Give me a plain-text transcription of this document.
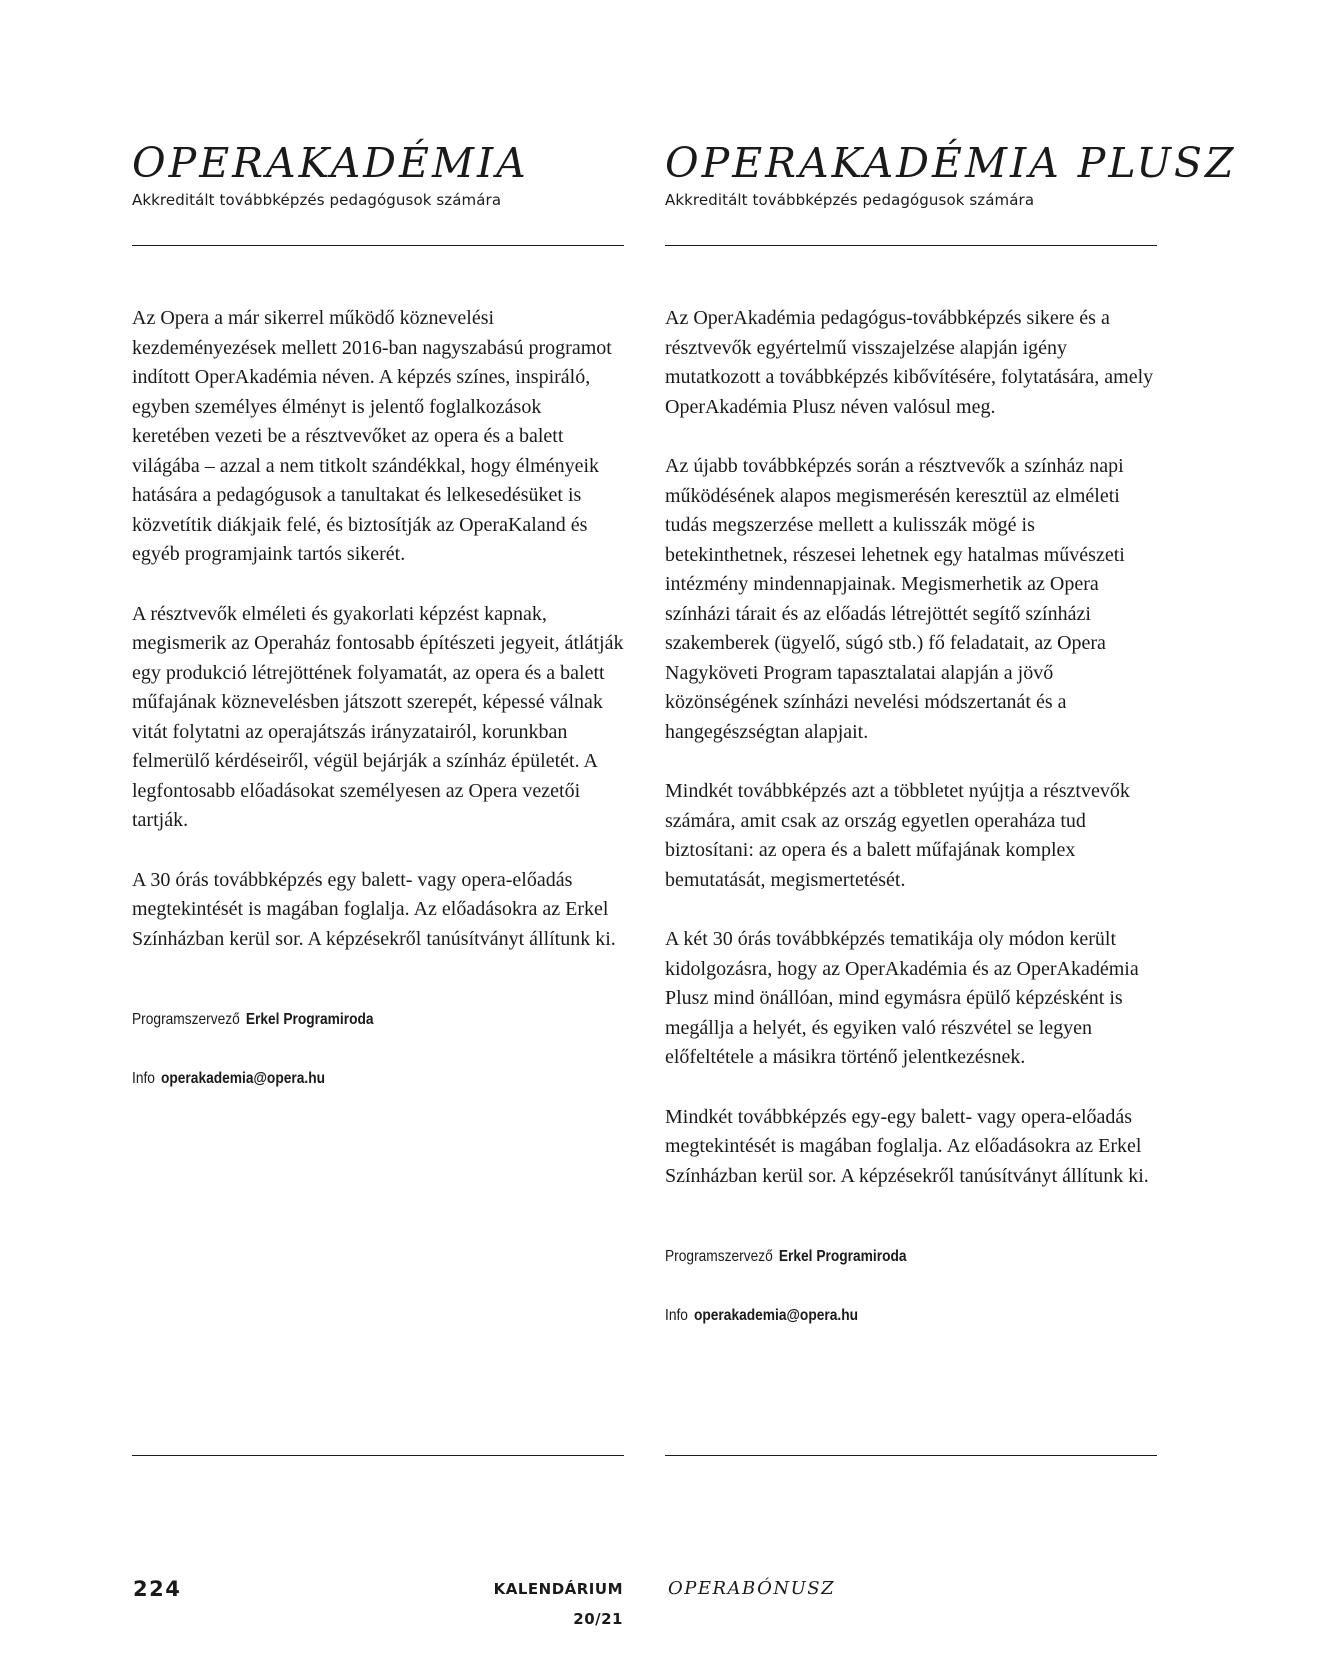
OPERAKADÉMIA

Akkreditált továbbképzés pedagógusok számára

Az Opera a már sikerrel működő köznevelési kezdeményezések mellett 2016-ban nagyszabású programot indított OperAkadémia néven. A képzés színes, inspiráló, egyben személyes élményt is jelentő foglalkozások keretében vezeti be a résztvevőket az opera és a balett világába – azzal a nem titkolt szándékkal, hogy élményeik hatására a pedagógusok a tanultakat és lelkesedésüket is közvetítik diákjaik felé, és biztosítják az OperaKaland és egyéb programjaink tartós sikerét.

A résztvevők elméleti és gyakorlati képzést kapnak, megismerik az Operaház fontosabb építészeti jegyeit, átlátják egy produkció létrejöttének folyamatát, az opera és a balett műfajának köznevelésben játszott szerepét, képessé válnak vitát folytatni az operajátszás irányzatairól, korunkban felmerülő kérdéseiről, végül bejárják a színház épületét. A legfontosabb előadásokat személyesen az Opera vezetői tartják.

A 30 órás továbbképzés egy balett- vagy opera-előadás megtekintését is magában foglalja. Az előadásokra az Erkel Színházban kerül sor. A képzésekről tanúsítványt állítunk ki.

Programszervező Erkel Programiroda

Info operakademia@opera.hu

OPERAKADÉMIA PLUSZ

Akkreditált továbbképzés pedagógusok számára

Az OperAkadémia pedagógus-továbbképzés sikere és a résztvevők egyértelmű visszajelzése alapján igény mutatkozott a továbbképzés kibővítésére, folytatására, amely OperAkadémia Plusz néven valósul meg.

Az újabb továbbképzés során a résztvevők a színház napi működésének alapos megismerésén keresztül az elméleti tudás megszerzése mellett a kulisszák mögé is betekinthetnek, részesei lehetnek egy hatalmas művészeti intézmény mindennapjainak. Megismerhetik az Opera színházi tárait és az előadás létrejöttét segítő színházi szakemberek (ügyelő, súgó stb.) fő feladatait, az Opera Nagyköveti Program tapasztalatai alapján a jövő közönségének színházi nevelési módszertanát és a hangegészségtan alapjait.

Mindkét továbbképzés azt a többletet nyújtja a résztvevők számára, amit csak az ország egyetlen operaháza tud biztosítani: az opera és a balett műfajának komplex bemutatását, megismertetését.

A két 30 órás továbbképzés tematikája oly módon került kidolgozásra, hogy az OperAkadémia és az OperAkadémia Plusz mind önállóan, mind egymásra épülő képzésként is megállja a helyét, és egyiken való részvétel se legyen előfeltétele a másikra történő jelentkezésnek.

Mindkét továbbképzés egy-egy balett- vagy opera-előadás megtekintését is magában foglalja. Az előadásokra az Erkel Színházban kerül sor. A képzésekről tanúsítványt állítunk ki.

Programszervező Erkel Programiroda

Info operakademia@opera.hu

224	KALENDÁRIUM 20/21
OPERABÓNUSZ
